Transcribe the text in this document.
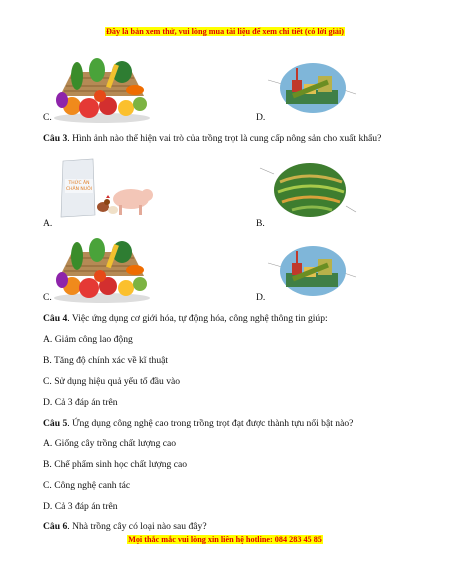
Đây là bản xem thử, vui lòng mua tài liệu để xem chi tiết (có lời giải)
C.	D.
Câu 3. Hình ảnh nào thể hiện vai trò của trồng trọt là cung cấp nông sản cho xuất khẩu?
THỨC ĂN
CHĂN NUÔI
A.	B.
C.	D.
Câu 4. Việc ứng dụng cơ giới hóa, tự động hóa, công nghệ thông tin giúp:
A. Giảm công lao động
B. Tăng độ chính xác về kĩ thuật
C. Sử dụng hiệu quả yếu tố đầu vào
D. Cả 3 đáp án trên
Câu 5. Ứng dụng công nghệ cao trong trồng trọt đạt được thành tựu nổi bật nào?
A. Giống cây trồng chất lượng cao
B. Chế phẩm sinh học chất lượng cao
C. Công nghệ canh tác
D. Cả 3 đáp án trên
Câu 6. Nhà trồng cây có loại nào sau đây?
Mọi thắc mắc vui lòng xin liên hệ hotline: 084 283 45 85
